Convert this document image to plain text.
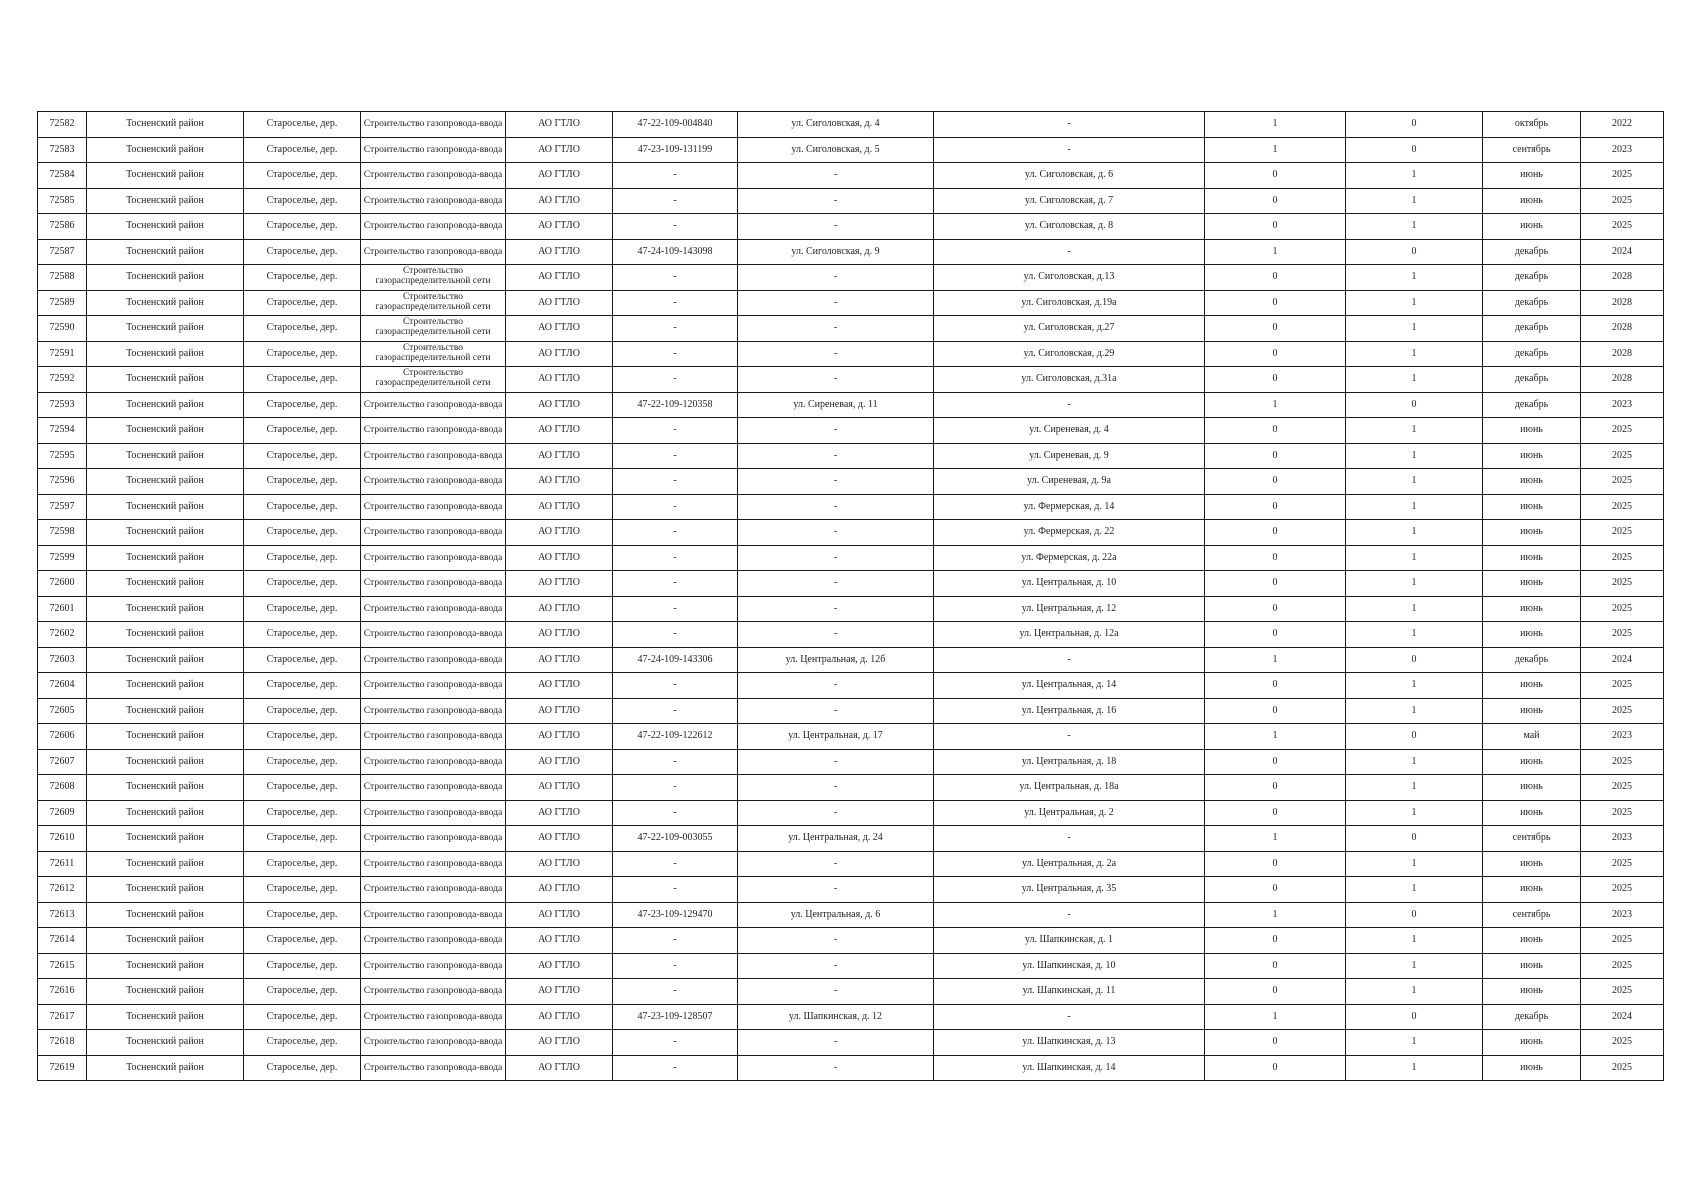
72582	Тосненский район	Староселье, дер.	Строительство газопровода-ввода	АО ГТЛО	47-22-109-004840	ул. Сиголовская, д. 4	-	1	0	октябрь	2022
72583	Тосненский район	Староселье, дер.	Строительство газопровода-ввода	АО ГТЛО	47-23-109-131199	ул. Сиголовская, д. 5	-	1	0	сентябрь	2023
72584	Тосненский район	Староселье, дер.	Строительство газопровода-ввода	АО ГТЛО	-	-	ул. Сиголовская, д. 6	0	1	июнь	2025
72585	Тосненский район	Староселье, дер.	Строительство газопровода-ввода	АО ГТЛО	-	-	ул. Сиголовская, д. 7	0	1	июнь	2025
72586	Тосненский район	Староселье, дер.	Строительство газопровода-ввода	АО ГТЛО	-	-	ул. Сиголовская, д. 8	0	1	июнь	2025
72587	Тосненский район	Староселье, дер.	Строительство газопровода-ввода	АО ГТЛО	47-24-109-143098	ул. Сиголовская, д. 9	-	1	0	декабрь	2024
72588	Тосненский район	Староселье, дер.	Строительство газораспределительной сети	АО ГТЛО	-	-	ул. Сиголовская, д.13	0	1	декабрь	2028
72589	Тосненский район	Староселье, дер.	Строительство газораспределительной сети	АО ГТЛО	-	-	ул. Сиголовская, д.19а	0	1	декабрь	2028
72590	Тосненский район	Староселье, дер.	Строительство газораспределительной сети	АО ГТЛО	-	-	ул. Сиголовская, д.27	0	1	декабрь	2028
72591	Тосненский район	Староселье, дер.	Строительство газораспределительной сети	АО ГТЛО	-	-	ул. Сиголовская, д.29	0	1	декабрь	2028
72592	Тосненский район	Староселье, дер.	Строительство газораспределительной сети	АО ГТЛО	-	-	ул. Сиголовская, д.31а	0	1	декабрь	2028
72593	Тосненский район	Староселье, дер.	Строительство газопровода-ввода	АО ГТЛО	47-22-109-120358	ул. Сиреневая, д. 11	-	1	0	декабрь	2023
72594	Тосненский район	Староселье, дер.	Строительство газопровода-ввода	АО ГТЛО	-	-	ул. Сиреневая, д. 4	0	1	июнь	2025
72595	Тосненский район	Староселье, дер.	Строительство газопровода-ввода	АО ГТЛО	-	-	ул. Сиреневая, д. 9	0	1	июнь	2025
72596	Тосненский район	Староселье, дер.	Строительство газопровода-ввода	АО ГТЛО	-	-	ул. Сиреневая, д. 9а	0	1	июнь	2025
72597	Тосненский район	Староселье, дер.	Строительство газопровода-ввода	АО ГТЛО	-	-	ул. Фермерская, д. 14	0	1	июнь	2025
72598	Тосненский район	Староселье, дер.	Строительство газопровода-ввода	АО ГТЛО	-	-	ул. Фермерская, д. 22	0	1	июнь	2025
72599	Тосненский район	Староселье, дер.	Строительство газопровода-ввода	АО ГТЛО	-	-	ул. Фермерская, д. 22а	0	1	июнь	2025
72600	Тосненский район	Староселье, дер.	Строительство газопровода-ввода	АО ГТЛО	-	-	ул. Центральная, д. 10	0	1	июнь	2025
72601	Тосненский район	Староселье, дер.	Строительство газопровода-ввода	АО ГТЛО	-	-	ул. Центральная, д. 12	0	1	июнь	2025
72602	Тосненский район	Староселье, дер.	Строительство газопровода-ввода	АО ГТЛО	-	-	ул. Центральная, д. 12а	0	1	июнь	2025
72603	Тосненский район	Староселье, дер.	Строительство газопровода-ввода	АО ГТЛО	47-24-109-143306	ул. Центральная, д. 12б	-	1	0	декабрь	2024
72604	Тосненский район	Староселье, дер.	Строительство газопровода-ввода	АО ГТЛО	-	-	ул. Центральная, д. 14	0	1	июнь	2025
72605	Тосненский район	Староселье, дер.	Строительство газопровода-ввода	АО ГТЛО	-	-	ул. Центральная, д. 16	0	1	июнь	2025
72606	Тосненский район	Староселье, дер.	Строительство газопровода-ввода	АО ГТЛО	47-22-109-122612	ул. Центральная, д. 17	-	1	0	май	2023
72607	Тосненский район	Староселье, дер.	Строительство газопровода-ввода	АО ГТЛО	-	-	ул. Центральная, д. 18	0	1	июнь	2025
72608	Тосненский район	Староселье, дер.	Строительство газопровода-ввода	АО ГТЛО	-	-	ул. Центральная, д. 18а	0	1	июнь	2025
72609	Тосненский район	Староселье, дер.	Строительство газопровода-ввода	АО ГТЛО	-	-	ул. Центральная, д. 2	0	1	июнь	2025
72610	Тосненский район	Староселье, дер.	Строительство газопровода-ввода	АО ГТЛО	47-22-109-003055	ул. Центральная, д. 24	-	1	0	сентябрь	2023
72611	Тосненский район	Староселье, дер.	Строительство газопровода-ввода	АО ГТЛО	-	-	ул. Центральная, д. 2а	0	1	июнь	2025
72612	Тосненский район	Староселье, дер.	Строительство газопровода-ввода	АО ГТЛО	-	-	ул. Центральная, д. 35	0	1	июнь	2025
72613	Тосненский район	Староселье, дер.	Строительство газопровода-ввода	АО ГТЛО	47-23-109-129470	ул. Центральная, д. 6	-	1	0	сентябрь	2023
72614	Тосненский район	Староселье, дер.	Строительство газопровода-ввода	АО ГТЛО	-	-	ул. Шапкинская, д. 1	0	1	июнь	2025
72615	Тосненский район	Староселье, дер.	Строительство газопровода-ввода	АО ГТЛО	-	-	ул. Шапкинская, д. 10	0	1	июнь	2025
72616	Тосненский район	Староселье, дер.	Строительство газопровода-ввода	АО ГТЛО	-	-	ул. Шапкинская, д. 11	0	1	июнь	2025
72617	Тосненский район	Староселье, дер.	Строительство газопровода-ввода	АО ГТЛО	47-23-109-128507	ул. Шапкинская, д. 12	-	1	0	декабрь	2024
72618	Тосненский район	Староселье, дер.	Строительство газопровода-ввода	АО ГТЛО	-	-	ул. Шапкинская, д. 13	0	1	июнь	2025
72619	Тосненский район	Староселье, дер.	Строительство газопровода-ввода	АО ГТЛО	-	-	ул. Шапкинская, д. 14	0	1	июнь	2025
